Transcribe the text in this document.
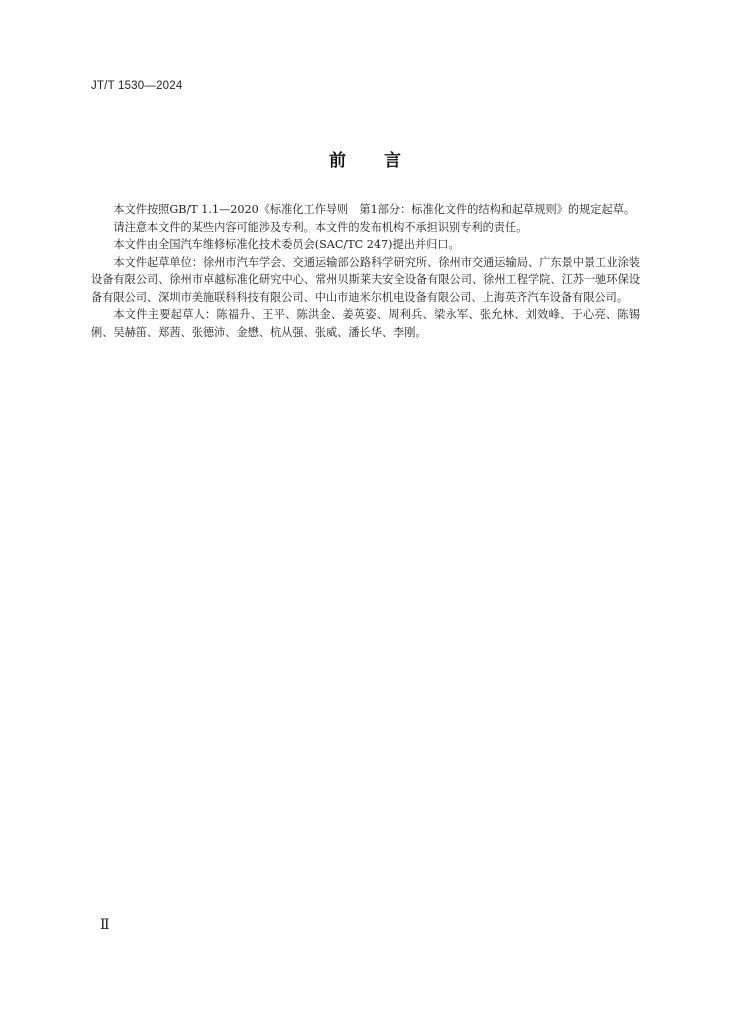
JT/T 1530—2024
前 言

本文件按照GB/T 1.1—2020《标准化工作导则　第1部分：标准化文件的结构和起草规则》的规定起草。

请注意本文件的某些内容可能涉及专利。本文件的发布机构不承担识别专利的责任。

本文件由全国汽车维修标准化技术委员会(SAC/TC 247)提出并归口。

本文件起草单位：徐州市汽车学会、交通运输部公路科学研究所、徐州市交通运输局、广东景中景工业涂装设备有限公司、徐州市卓越标准化研究中心、常州贝斯莱夫安全设备有限公司、徐州工程学院、江苏一驰环保设备有限公司、深圳市美施联科科技有限公司、中山市迪米尔机电设备有限公司、上海英齐汽车设备有限公司。

本文件主要起草人：陈福升、王平、陈洪金、姜英姿、周利兵、梁永军、张允林、刘效峰、于心亮、陈锡俐、吴赫笛、郑茜、张德沛、金懋、杭从强、张威、潘长华、李刚。

Ⅱ
